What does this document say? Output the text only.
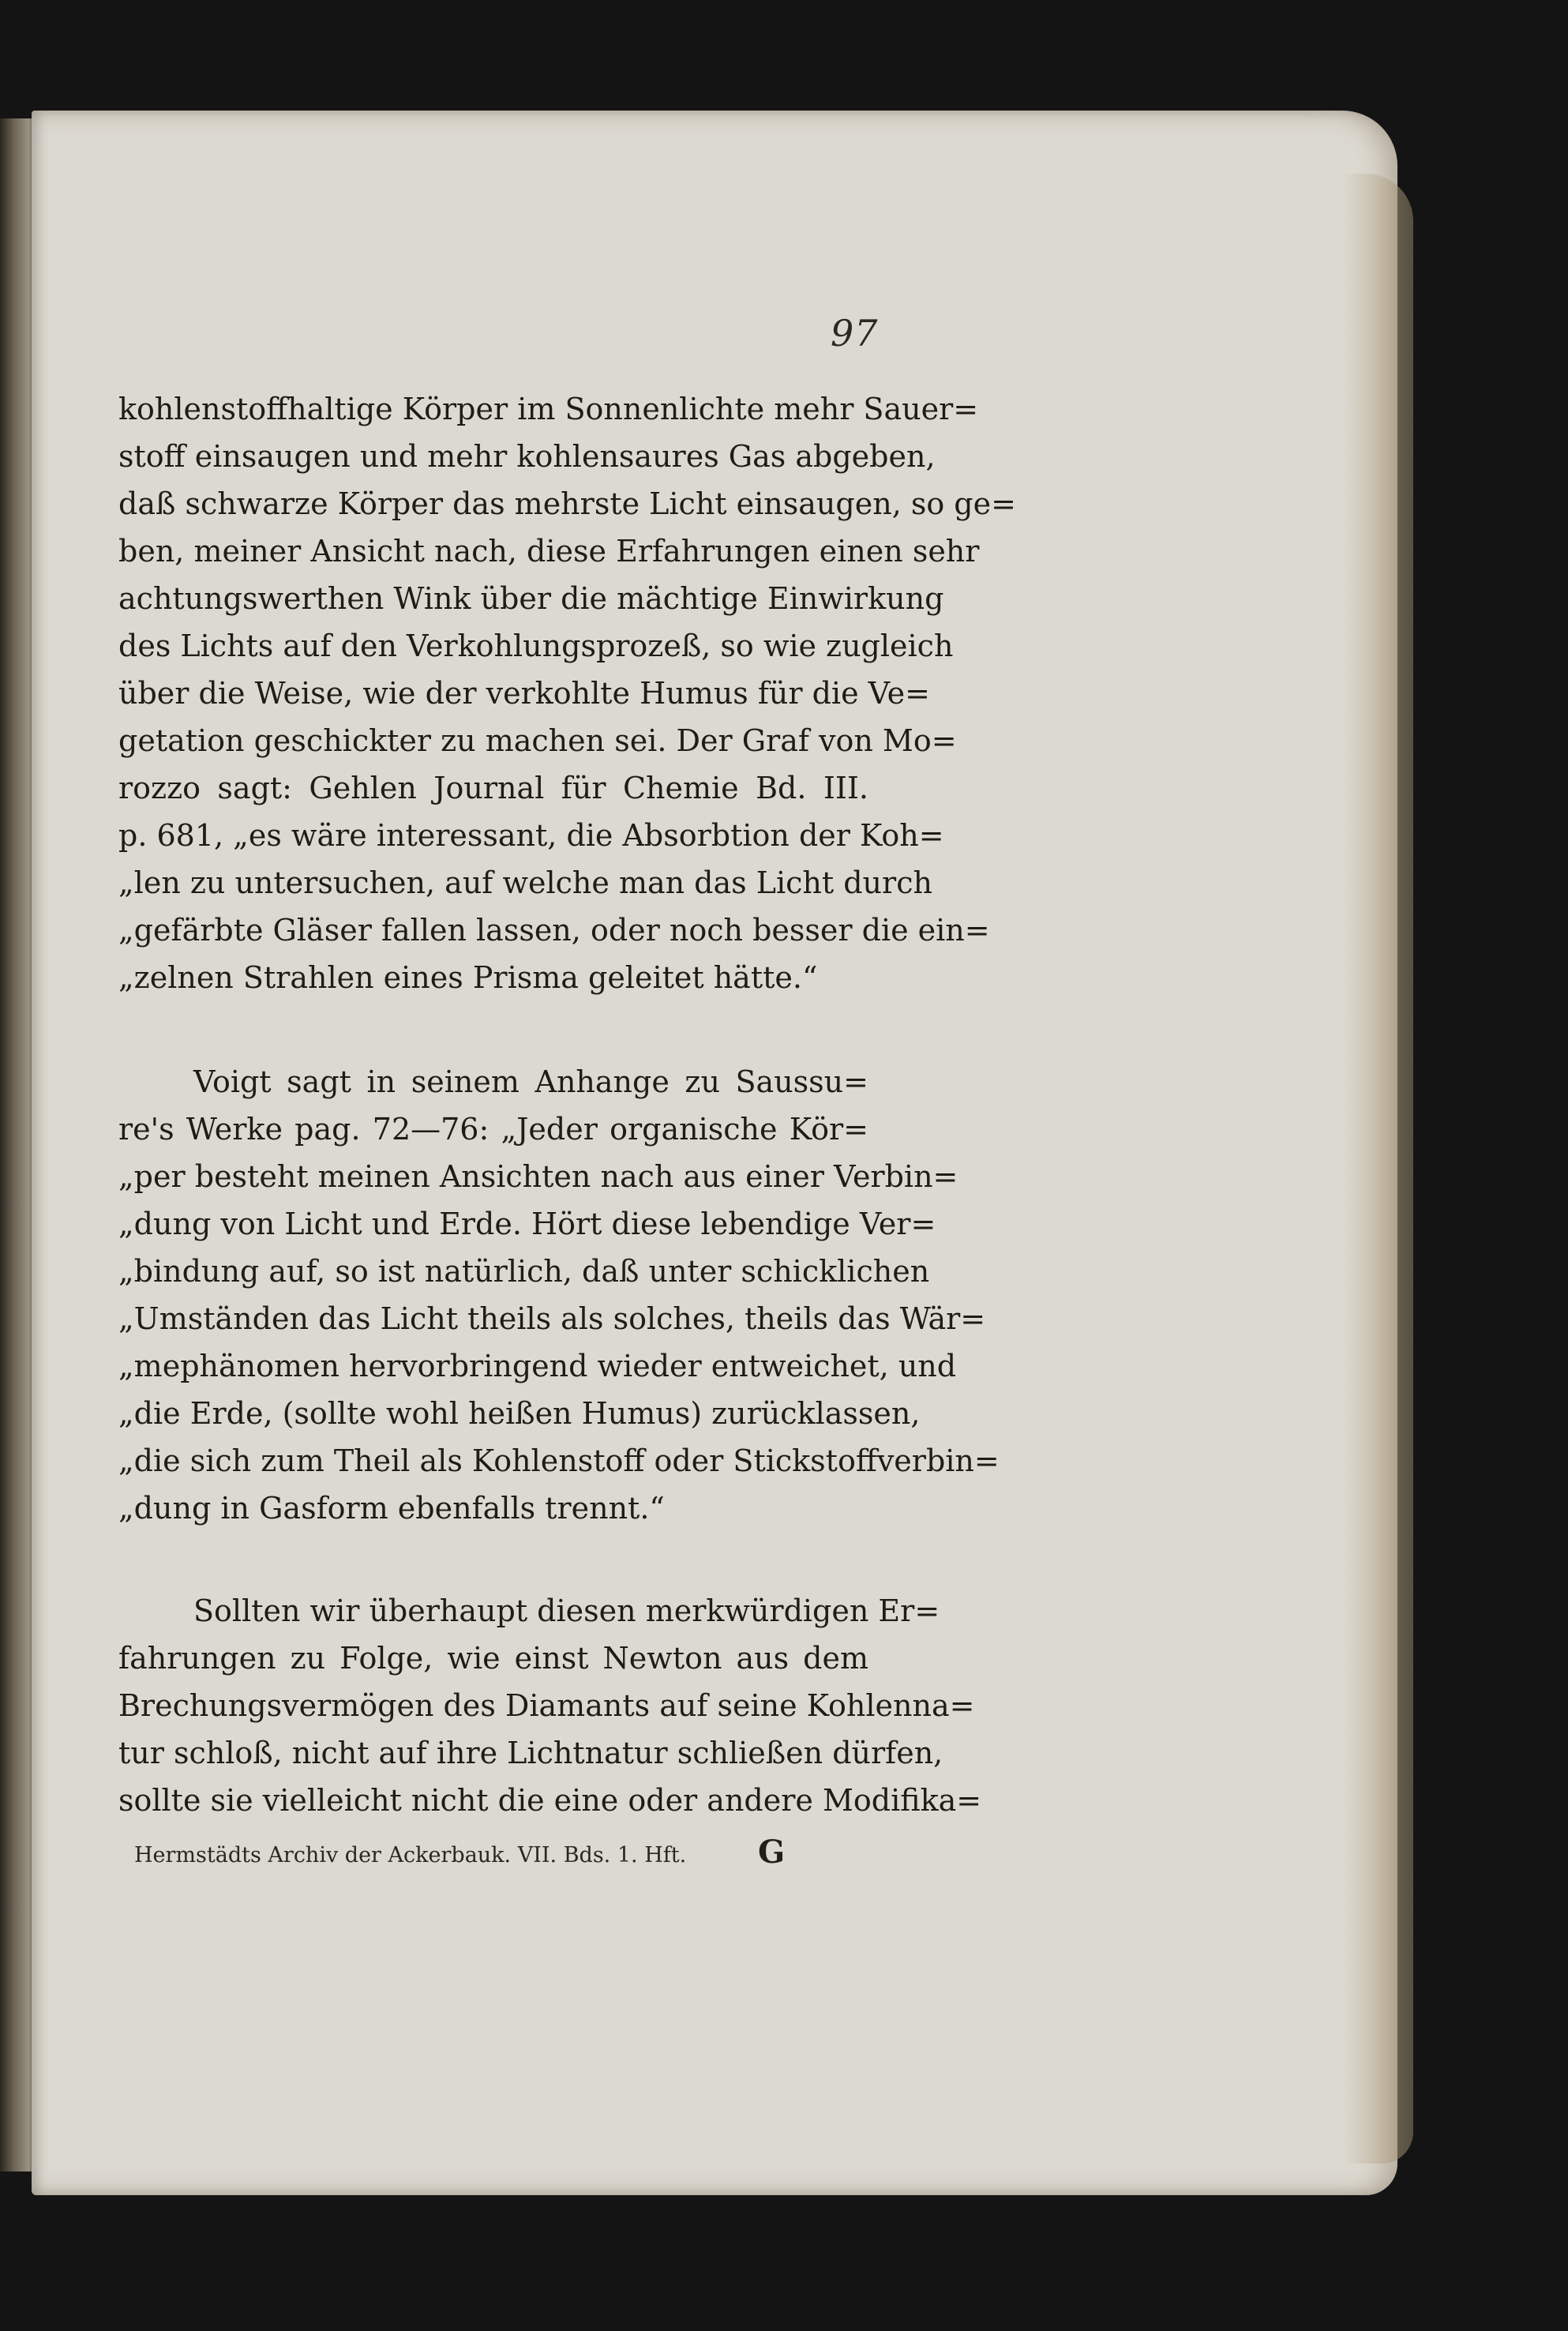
97
kohlenstoffhaltige Körper im Sonnenlichte mehr Sauer=
stoff einsaugen und mehr kohlensaures Gas abgeben,
daß schwarze Körper das mehrste Licht einsaugen, so ge=
ben, meiner Ansicht nach, diese Erfahrungen einen sehr
achtungswerthen Wink über die mächtige Einwirkung
des Lichts auf den Verkohlungsprozeß, so wie zugleich
über die Weise, wie der verkohlte Humus für die Ve=
getation geschickter zu machen sei. Der Graf von Mo=
rozzo sagt: Gehlen Journal für Chemie Bd. III.
p. 681, „es wäre interessant, die Absorbtion der Koh=
„len zu untersuchen, auf welche man das Licht durch
„gefärbte Gläser fallen lassen, oder noch besser die ein=
„zelnen Strahlen eines Prisma geleitet hätte.“
Voigt sagt in seinem Anhange zu Saussu=
re's Werke pag. 72—76: „Jeder organische Kör=
„per besteht meinen Ansichten nach aus einer Verbin=
„dung von Licht und Erde. Hört diese lebendige Ver=
„bindung auf, so ist natürlich, daß unter schicklichen
„Umständen das Licht theils als solches, theils das Wär=
„mephänomen hervorbringend wieder entweichet, und
„die Erde, (sollte wohl heißen Humus) zurücklassen,
„die sich zum Theil als Kohlenstoff oder Stickstoffverbin=
„dung in Gasform ebenfalls trennt.“
Sollten wir überhaupt diesen merkwürdigen Er=
fahrungen zu Folge, wie einst Newton aus dem
Brechungsvermögen des Diamants auf seine Kohlenna=
tur schloß, nicht auf ihre Lichtnatur schließen dürfen,
sollte sie vielleicht nicht die eine oder andere Modifika=
Hermstädts Archiv der Ackerbauk. VII. Bds. 1. Hft. G
